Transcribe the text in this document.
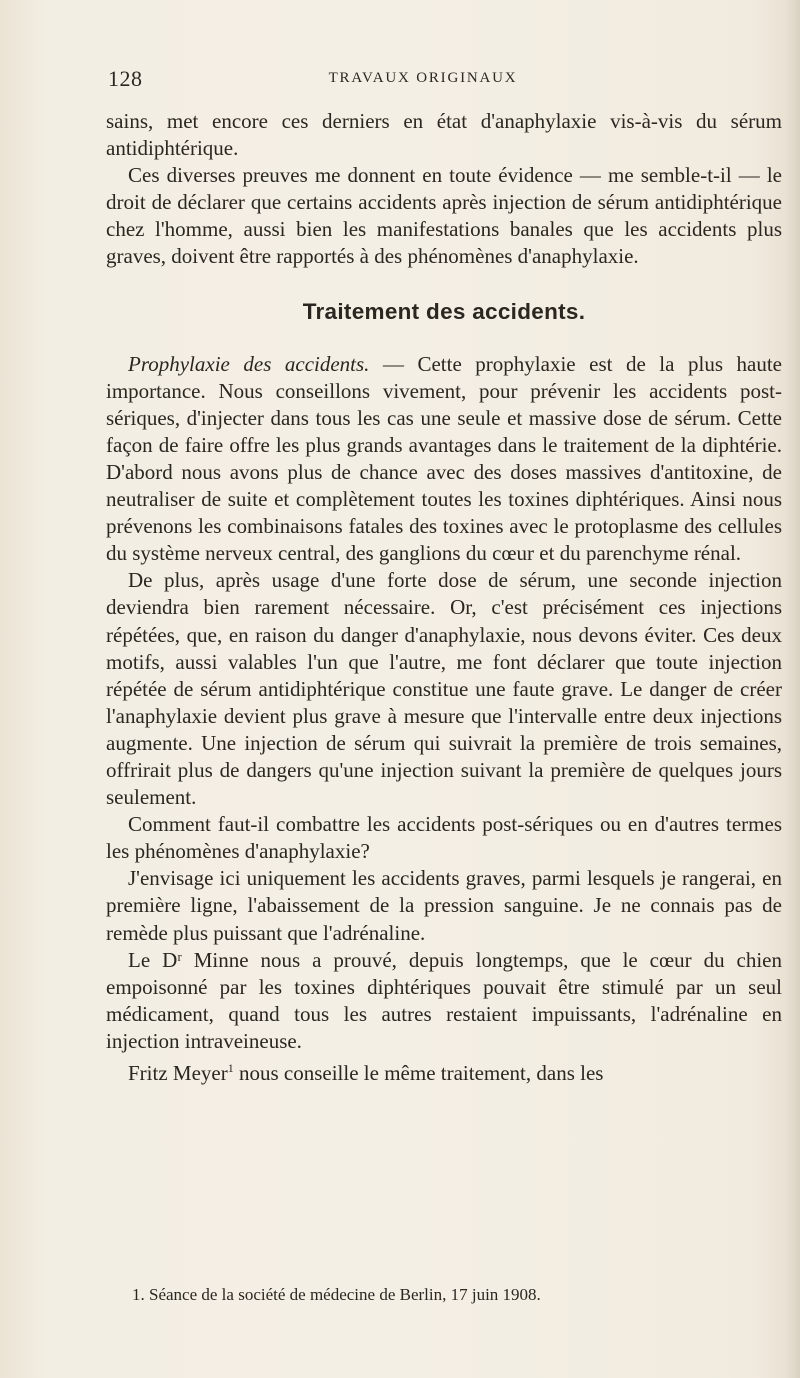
128	TRAVAUX ORIGINAUX

sains, met encore ces derniers en état d'anaphylaxie vis-à-vis du sérum antidiphtérique.

Ces diverses preuves me donnent en toute évidence — me semble-t-il — le droit de déclarer que certains accidents après injection de sérum antidiphtérique chez l'homme, aussi bien les manifestations banales que les accidents plus graves, doivent être rapportés à des phénomènes d'anaphylaxie.

Traitement des accidents.

Prophylaxie des accidents. — Cette prophylaxie est de la plus haute importance. Nous conseillons vivement, pour prévenir les accidents post-sériques, d'injecter dans tous les cas une seule et massive dose de sérum. Cette façon de faire offre les plus grands avantages dans le traitement de la diphtérie. D'abord nous avons plus de chance avec des doses massives d'antitoxine, de neutraliser de suite et complètement toutes les toxines diphtériques. Ainsi nous prévenons les combinaisons fatales des toxines avec le protoplasme des cellules du système nerveux central, des ganglions du cœur et du parenchyme rénal.

De plus, après usage d'une forte dose de sérum, une seconde injection deviendra bien rarement nécessaire. Or, c'est précisément ces injections répétées, que, en raison du danger d'anaphylaxie, nous devons éviter. Ces deux motifs, aussi valables l'un que l'autre, me font déclarer que toute injection répétée de sérum antidiphtérique constitue une faute grave. Le danger de créer l'anaphylaxie devient plus grave à mesure que l'intervalle entre deux injections augmente. Une injection de sérum qui suivrait la première de trois semaines, offrirait plus de dangers qu'une injection suivant la première de quelques jours seulement.

Comment faut-il combattre les accidents post-sériques ou en d'autres termes les phénomènes d'anaphylaxie?

J'envisage ici uniquement les accidents graves, parmi lesquels je rangerai, en première ligne, l'abaissement de la pression sanguine. Je ne connais pas de remède plus puissant que l'adrénaline.

Le Dʳ Minne nous a prouvé, depuis longtemps, que le cœur du chien empoisonné par les toxines diphtériques pouvait être stimulé par un seul médicament, quand tous les autres restaient impuissants, l'adrénaline en injection intraveineuse.

Fritz Meyer$^1$ nous conseille le même traitement, dans les

1. Séance de la société de médecine de Berlin, 17 juin 1908.
